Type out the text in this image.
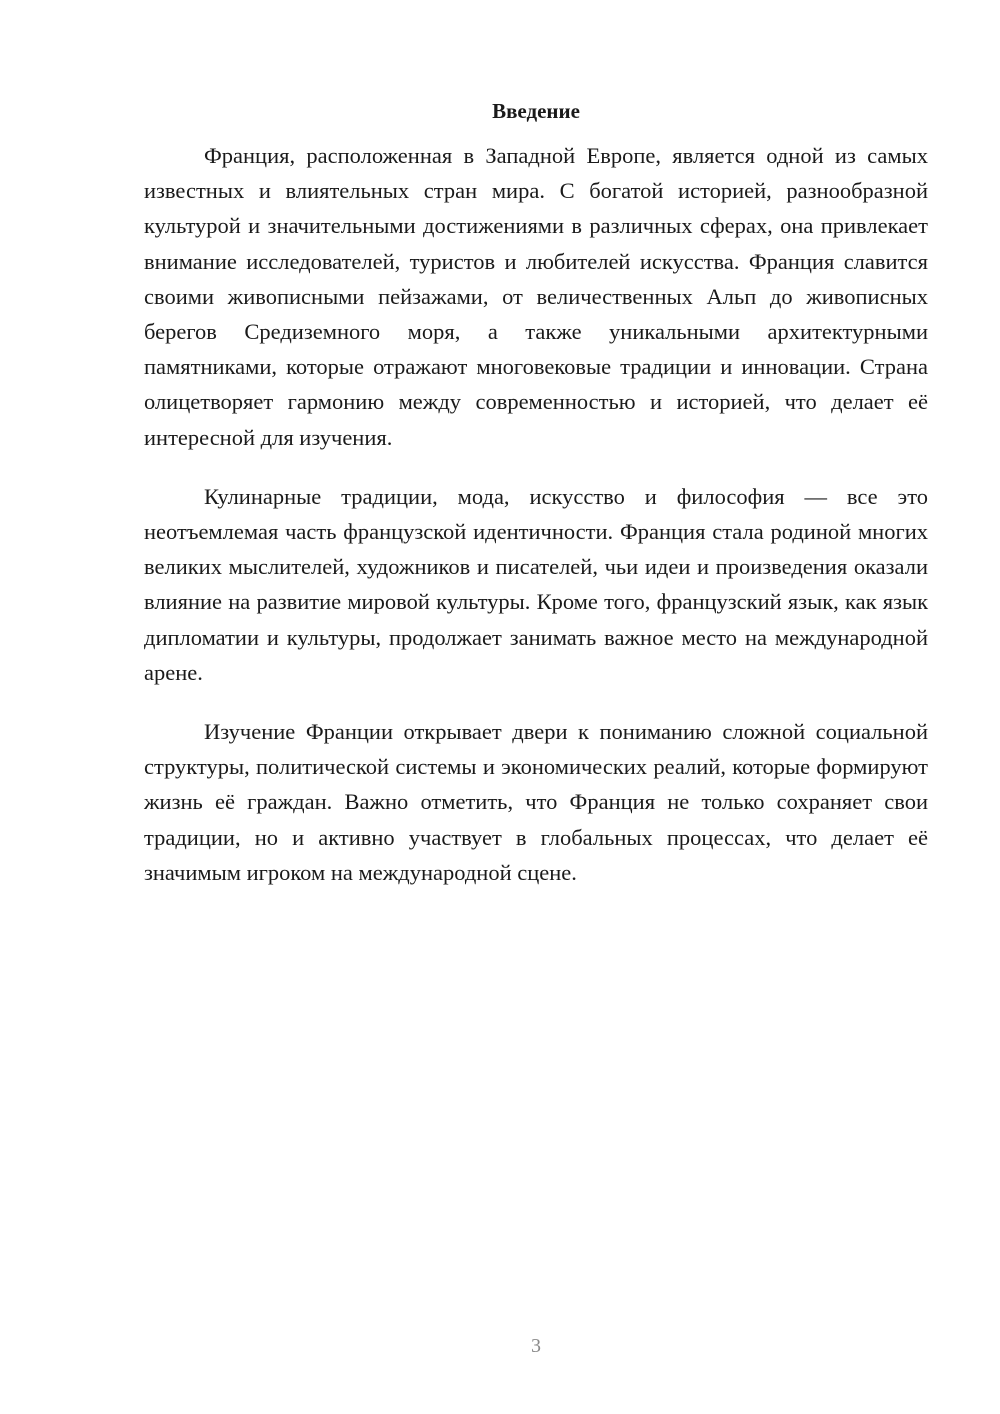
Введение

Франция, расположенная в Западной Европе, является одной из самых известных и влиятельных стран мира. С богатой историей, разнообразной культурой и значительными достижениями в различных сферах, она привлекает внимание исследователей, туристов и любителей искусства. Франция славится своими живописными пейзажами, от величественных Альп до живописных берегов Средиземного моря, а также уникальными архитектурными памятниками, которые отражают многовековые традиции и инновации. Страна олицетворяет гармонию между современностью и историей, что делает её интересной для изучения.

Кулинарные традиции, мода, искусство и философия — все это неотъемлемая часть французской идентичности. Франция стала родиной многих великих мыслителей, художников и писателей, чьи идеи и произведения оказали влияние на развитие мировой культуры. Кроме того, французский язык, как язык дипломатии и культуры, продолжает занимать важное место на международной арене.

Изучение Франции открывает двери к пониманию сложной социальной структуры, политической системы и экономических реалий, которые формируют жизнь её граждан. Важно отметить, что Франция не только сохраняет свои традиции, но и активно участвует в глобальных процессах, что делает её значимым игроком на международной сцене.

3
